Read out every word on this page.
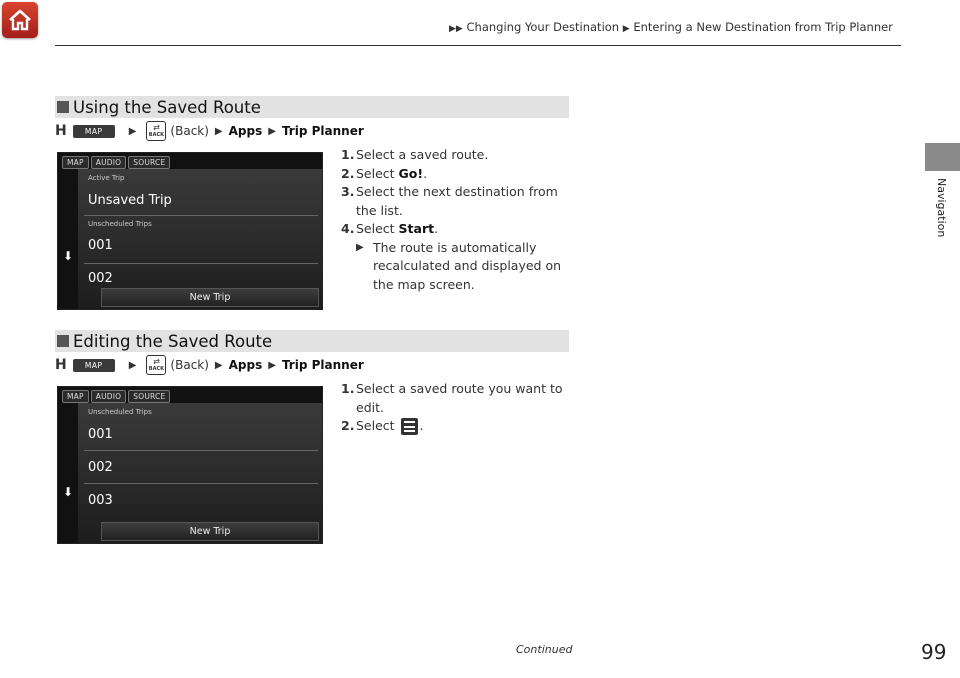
▶▶ Changing Your Destination ▶ Entering a New Destination from Trip Planner
Navigation
Using the Saved Route
H	MAP	▶ ⇄
BACK (Back) ▶ Apps ▶ Trip Planner
MAP	AUDIO	SOURCE
Active Trip
Unsaved Trip
Unscheduled Trips
001
002
⬇
New Trip
1. Select a saved route.
2. Select Go!.
3. Select the next destination from the list.
4. Select Start.
▶ The route is automatically recalculated and displayed on the map screen.
Editing the Saved Route
H	MAP	▶ ⇄
BACK (Back) ▶ Apps ▶ Trip Planner
MAP	AUDIO	SOURCE
Unscheduled Trips
001
002
003
⬇
New Trip
1. Select a saved route you want to edit.
2. Select
.
Continued	99
